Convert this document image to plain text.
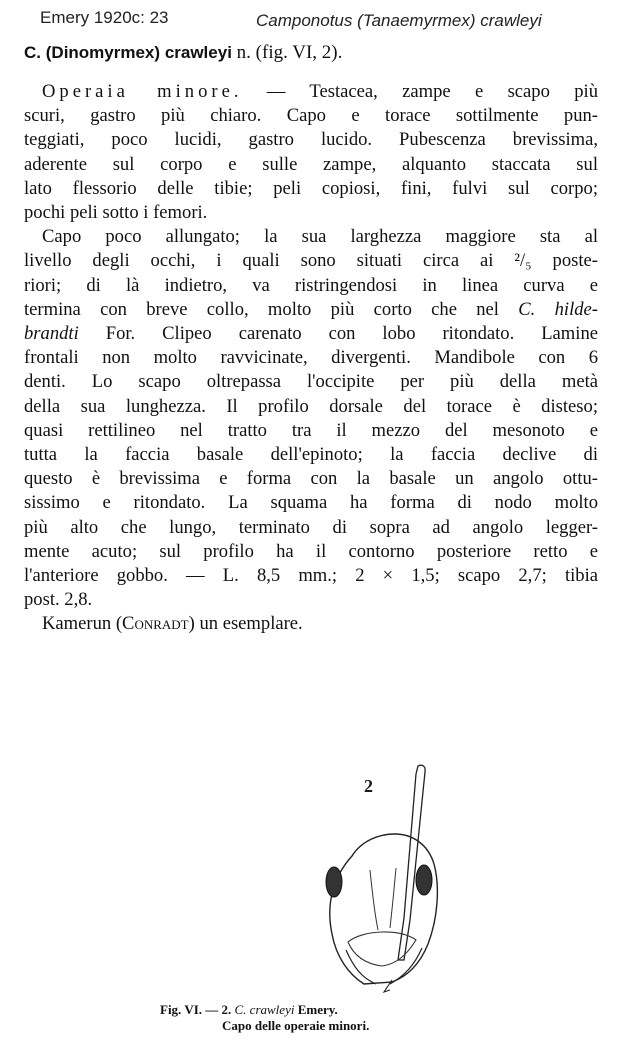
Emery 1920c: 23	Camponotus (Tanaemyrmex) crawleyi
C. (Dinomyrmex) crawleyi n. (fig. VI, 2).
Operaia minore. — Testacea, zampe e scapo più
scuri, gastro più chiaro. Capo e torace sottilmente pun-
teggiati, poco lucidi, gastro lucido. Pubescenza brevissima,
aderente sul corpo e sulle zampe, alquanto staccata sul
lato flessorio delle tibie; peli copiosi, fini, fulvi sul corpo;
pochi peli sotto i femori.
Capo poco allungato; la sua larghezza maggiore sta al
livello degli occhi, i quali sono situati circa ai ²/₅ poste-
riori; di là indietro, va ristringendosi in linea curva e
termina con breve collo, molto più corto che nel C. hilde-
brandti For. Clipeo carenato con lobo ritondato. Lamine
frontali non molto ravvicinate, divergenti. Mandibole con 6
denti. Lo scapo oltrepassa l'occipite per più della metà
della sua lunghezza. Il profilo dorsale del torace è disteso;
quasi rettilineo nel tratto tra il mezzo del mesonoto e
tutta la faccia basale dell'epinoto; la faccia declive di
questo è brevissima e forma con la basale un angolo ottu-
sissimo e ritondato. La squama ha forma di nodo molto
più alto che lungo, terminato di sopra ad angolo legger-
mente acuto; sul profilo ha il contorno posteriore retto e
l'anteriore gobbo. — L. 8,5 mm.; 2 × 1,5; scapo 2,7; tibia
post. 2,8.
Kamerun (Conradt) un esemplare.
2
Fig. VI. — 2. C. crawleyi Emery.
Capo delle operaie minori.
